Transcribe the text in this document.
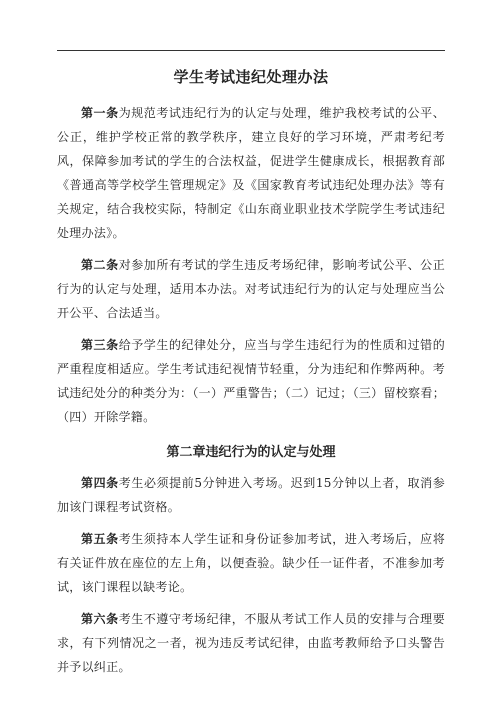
学生考试违纪处理办法

第一条为规范考试违纪行为的认定与处理，维护我校考试的公平、公正，维护学校正常的教学秩序，建立良好的学习环境，严肃考纪考风，保障参加考试的学生的合法权益，促进学生健康成长，根据教育部《普通高等学校学生管理规定》及《国家教育考试违纪处理办法》等有关规定，结合我校实际，特制定《山东商业职业技术学院学生考试违纪处理办法》。

第二条对参加所有考试的学生违反考场纪律，影响考试公平、公正行为的认定与处理，适用本办法。对考试违纪行为的认定与处理应当公开公平、合法适当。

第三条给予学生的纪律处分，应当与学生违纪行为的性质和过错的严重程度相适应。学生考试违纪视情节轻重，分为违纪和作弊两种。考试违纪处分的种类分为：（一）严重警告；（二）记过；（三）留校察看；（四）开除学籍。

第二章违纪行为的认定与处理

第四条考生必须提前5分钟进入考场。迟到15分钟以上者，取消参加该门课程考试资格。

第五条考生须持本人学生证和身份证参加考试，进入考场后，应将有关证件放在座位的左上角，以便查验。缺少任一证件者，不准参加考试，该门课程以缺考论。

第六条考生不遵守考场纪律，不服从考试工作人员的安排与合理要求，有下列情况之一者，视为违反考试纪律，由监考教师给予口头警告并予以纠正。
